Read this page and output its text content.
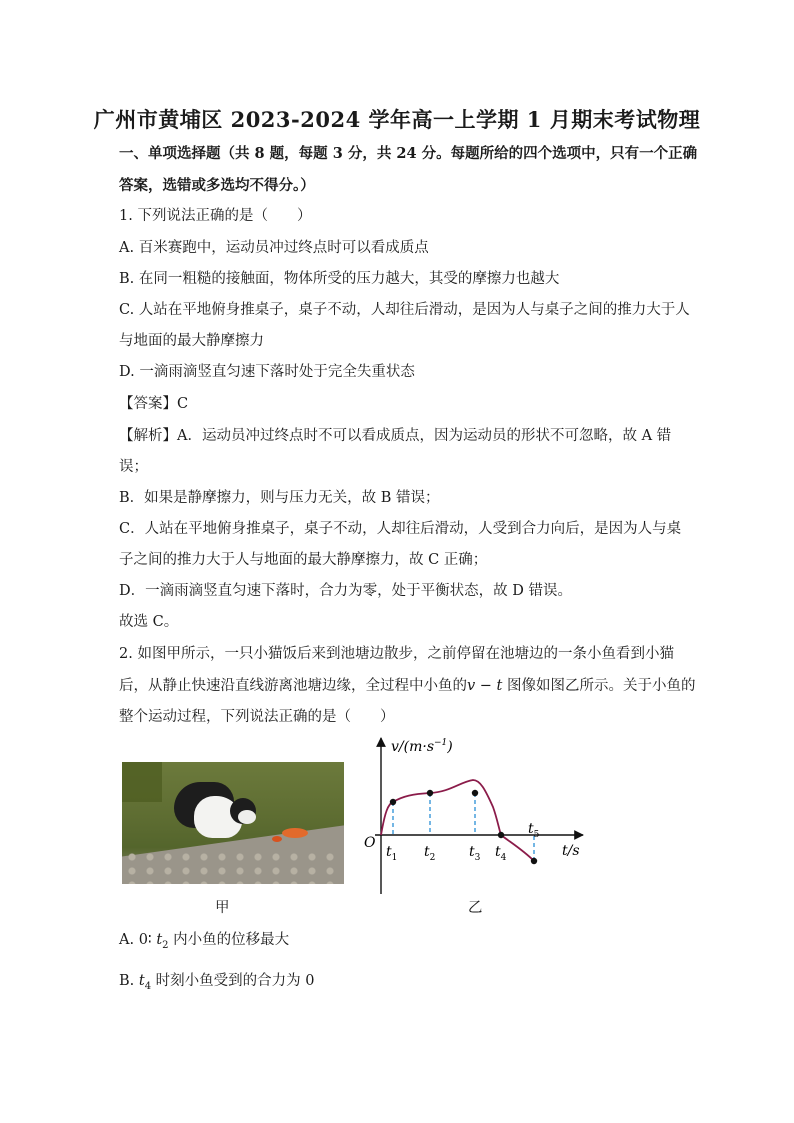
广州市黄埔区 2023-2024 学年高一上学期 1 月期末考试物理
一、单项选择题（共 8 题，每题 3 分，共 24 分。每题所给的四个选项中，只有一个正确
答案，选错或多选均不得分。）
1. 下列说法正确的是（　　）
A. 百米赛跑中，运动员冲过终点时可以看成质点
B. 在同一粗糙的接触面，物体所受的压力越大，其受的摩擦力也越大
C. 人站在平地俯身推桌子，桌子不动，人却往后滑动，是因为人与桌子之间的推力大于人
与地面的最大静摩擦力
D. 一滴雨滴竖直匀速下落时处于完全失重状态
【答案】C
【解析】A．运动员冲过终点时不可以看成质点，因为运动员的形状不可忽略，故 A 错
误；
B．如果是静摩擦力，则与压力无关，故 B 错误；
C．人站在平地俯身推桌子，桌子不动，人却往后滑动，人受到合力向后，是因为人与桌
子之间的推力大于人与地面的最大静摩擦力，故 C 正确；
D．一滴雨滴竖直匀速下落时，合力为零，处于平衡状态，故 D 错误。
故选 C。
2. 如图甲所示，一只小猫饭后来到池塘边散步，之前停留在池塘边的一条小鱼看到小猫
后，从静止快速沿直线游离池塘边缘，全过程中小鱼的v − t 图像如图乙所示。关于小鱼的
整个运动过程，下列说法正确的是（　　）
甲
$v/(m\cdot s^{-1})$
t/s
O
$t_1$ $t_2$ $t_3$ $t_4$
$t_5$
乙
A. 0∶ $t_2$ 内小鱼的位移最大
B. $t_4$ 时刻小鱼受到的合力为 0
